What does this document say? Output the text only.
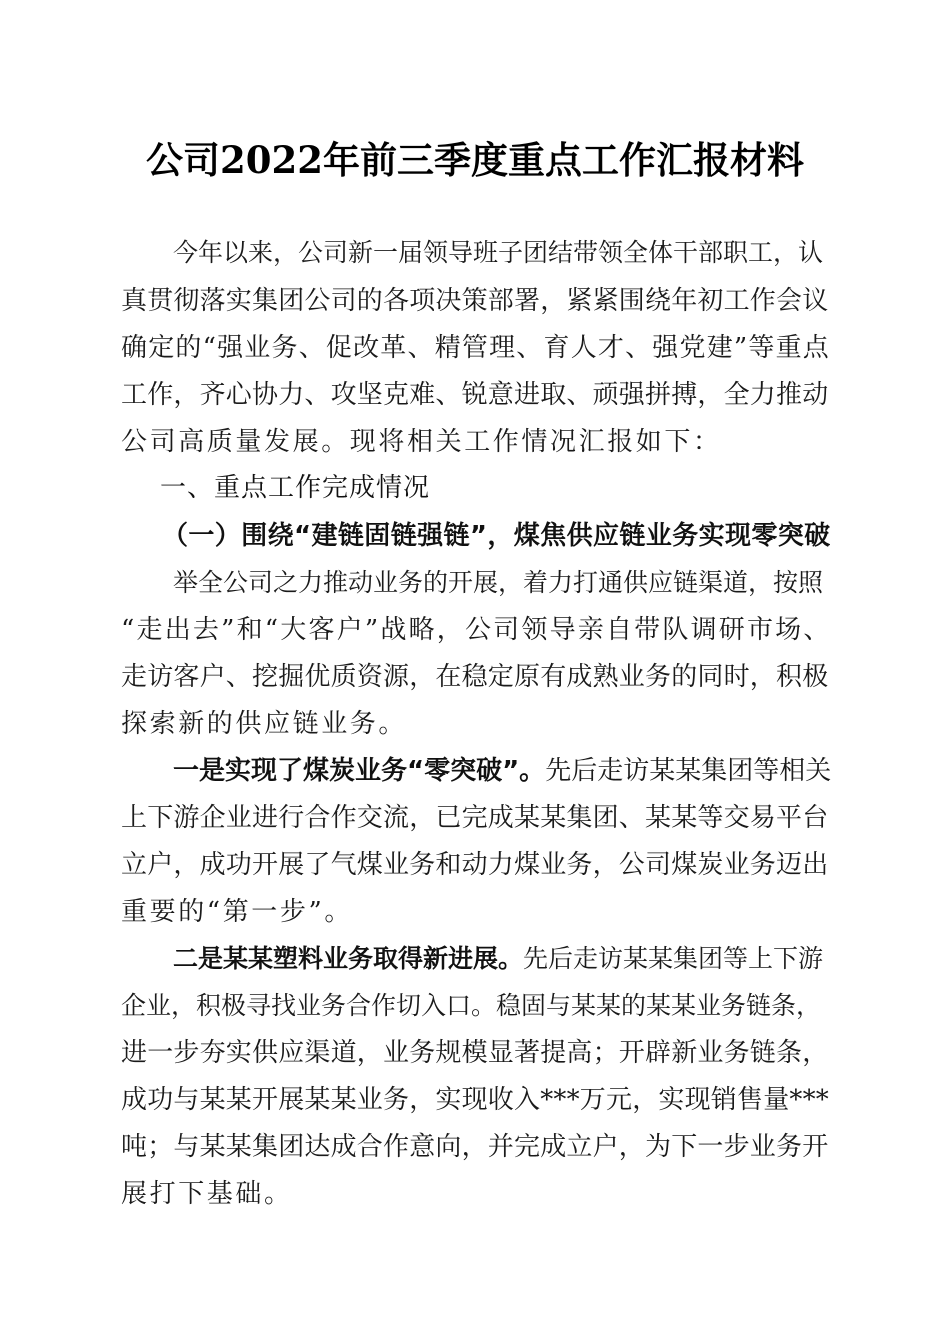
公司2022年前三季度重点工作汇报材料
今年以来，公司新一届领导班子团结带领全体干部职工，认
真贯彻落实集团公司的各项决策部署，紧紧围绕年初工作会议
确定的“强业务、促改革、精管理、育人才、强党建”等重点
工作，齐心协力、攻坚克难、锐意进取、顽强拼搏，全力推动
公司高质量发展。现将相关工作情况汇报如下：
一、重点工作完成情况
（一）围绕“建链固链强链”，煤焦供应链业务实现零突破
举全公司之力推动业务的开展，着力打通供应链渠道，按照
“走出去”和“大客户”战略，公司领导亲自带队调研市场、
走访客户、挖掘优质资源，在稳定原有成熟业务的同时，积极
探索新的供应链业务。
一是实现了煤炭业务“零突破”。先后走访某某集团等相关
上下游企业进行合作交流，已完成某某集团、某某等交易平台
立户，成功开展了气煤业务和动力煤业务，公司煤炭业务迈出
重要的“第一步”。
二是某某塑料业务取得新进展。先后走访某某集团等上下游
企业，积极寻找业务合作切入口。稳固与某某的某某业务链条，
进一步夯实供应渠道，业务规模显著提高；开辟新业务链条，
成功与某某开展某某业务，实现收入***万元，实现销售量***
吨；与某某集团达成合作意向，并完成立户，为下一步业务开
展打下基础。
